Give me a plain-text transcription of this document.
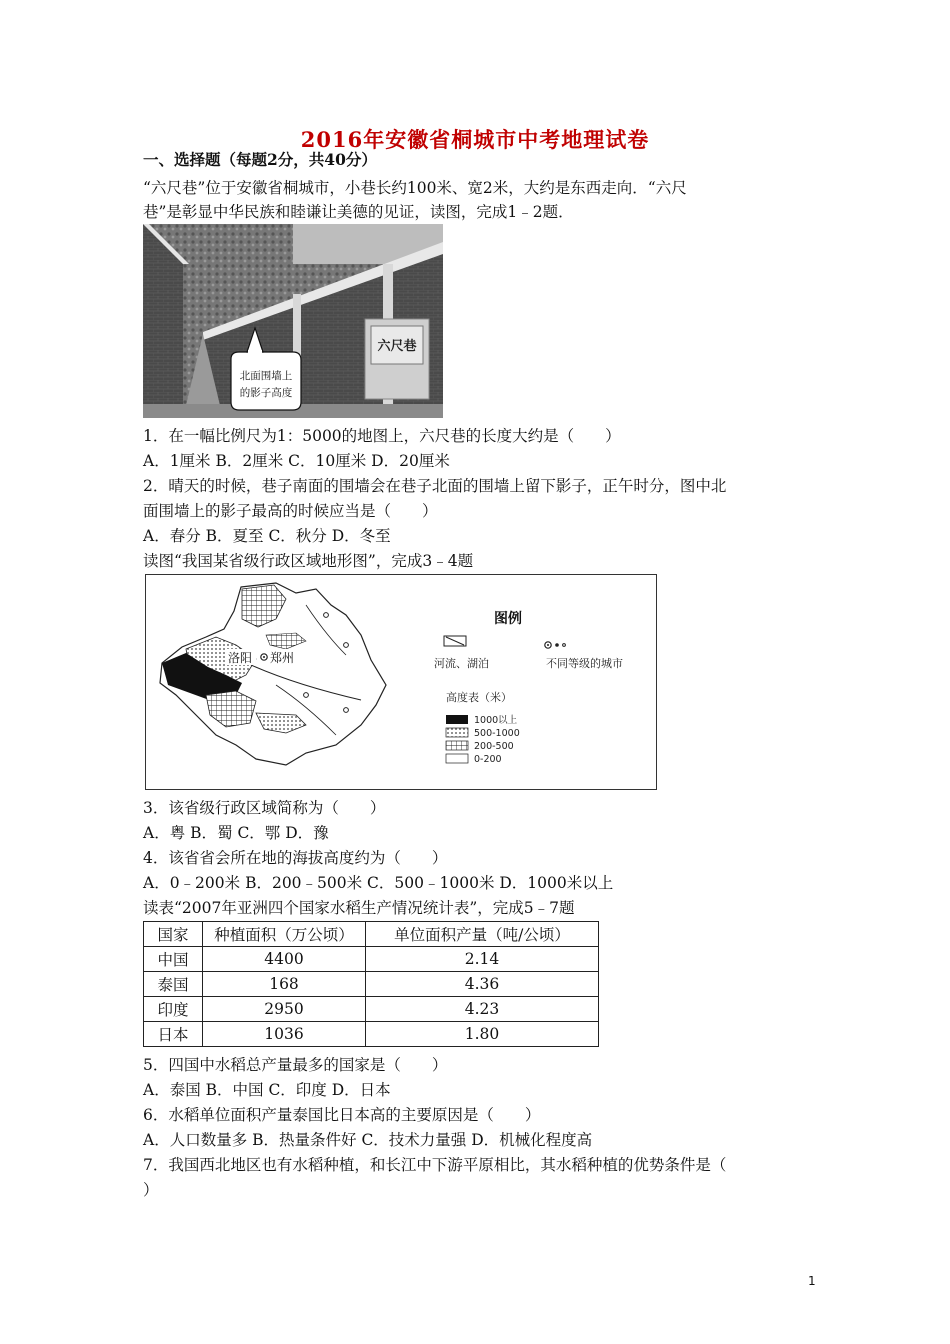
2016年安徽省桐城市中考地理试卷
一、选择题（每题2分，共40分）
“六尺巷”位于安徽省桐城市，小巷长约100米、宽2米，大约是东西走向．“六尺
巷”是彰显中华民族和睦谦让美德的见证，读图，完成1﹣2题．
六尺巷
北面围墙上
的影子高度
1．在一幅比例尺为1：5000的地图上，六尺巷的长度大约是（　　）
A．1厘米 B．2厘米 C．10厘米 D．20厘米
2．晴天的时候，巷子南面的围墙会在巷子北面的围墙上留下影子，正午时分，图中北
面围墙上的影子最高的时候应当是（　　）
A．春分 B．夏至 C．秋分 D．冬至
读图“我国某省级行政区域地形图”，完成3﹣4题
洛阳 郑州
图例
河流、湖泊	不同等级的城市
高度表（米）
1000以上
500-1000
200-500
0-200
3．该省级行政区域简称为（　　）
A．粤 B．蜀 C．鄂 D．豫
4．该省省会所在地的海拔高度约为（　　）
A．0﹣200米 B．200﹣500米 C．500﹣1000米 D．1000米以上
读表“2007年亚洲四个国家水稻生产情况统计表”，完成5﹣7题
国家	种植面积（万公顷）	单位面积产量（吨/公顷）
中国	4400	2.14
泰国	168	4.36
印度	2950	4.23
日本	1036	1.80
5．四国中水稻总产量最多的国家是（　　）
A．泰国 B．中国 C．印度 D．日本
6．水稻单位面积产量泰国比日本高的主要原因是（　　）
A．人口数量多 B．热量条件好 C．技术力量强 D．机械化程度高
7．我国西北地区也有水稻种植，和长江中下游平原相比，其水稻种植的优势条件是（
）
1
